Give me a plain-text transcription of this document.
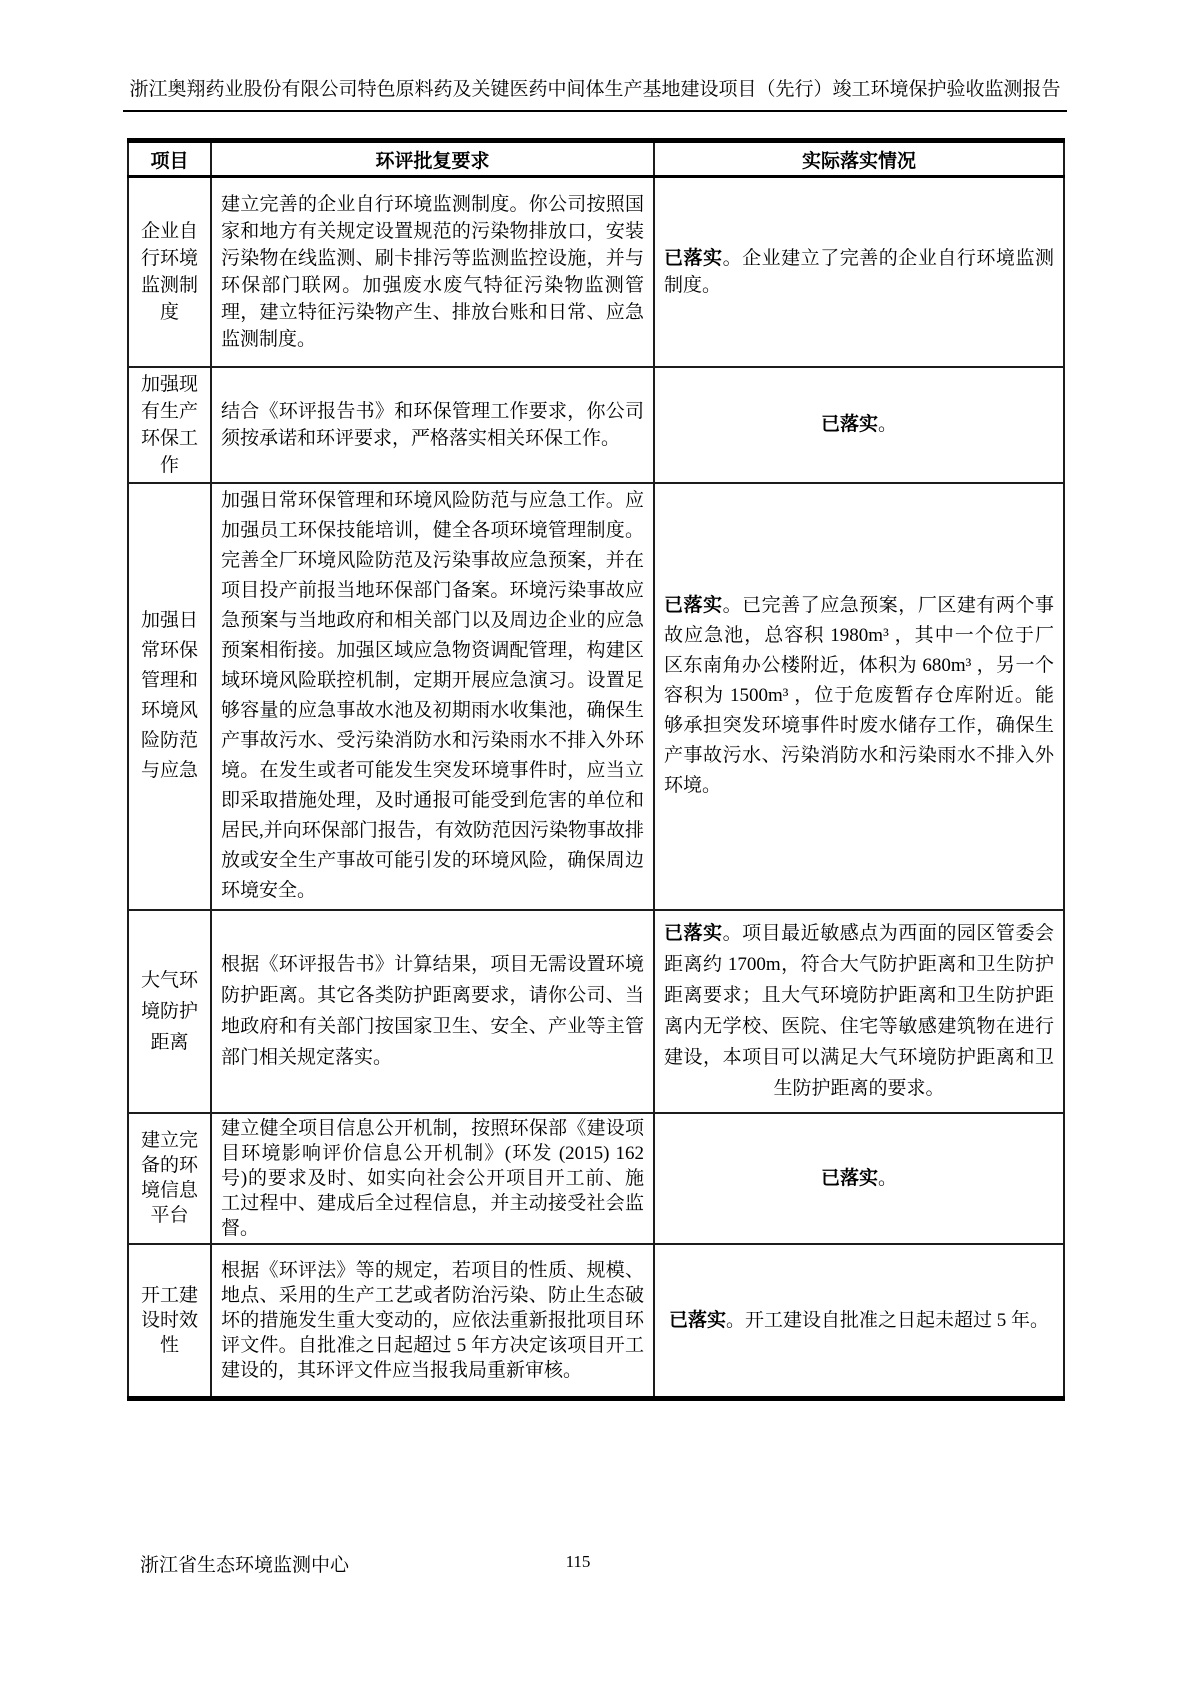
浙江奥翔药业股份有限公司特色原料药及关键医药中间体生产基地建设项目（先行）竣工环境保护验收监测报告
项目	环评批复要求	实际落实情况
企业自行环境监测制度	建立完善的企业自行环境监测制度。你公司按照国家和地方有关规定设置规范的污染物排放口，安装污染物在线监测、刷卡排污等监测监控设施，并与环保部门联网。加强废水废气特征污染物监测管理，建立特征污染物产生、排放台账和日常、应急监测制度。	已落实。企业建立了完善的企业自行环境监测制度。
加强现有生产环保工作	结合《环评报告书》和环保管理工作要求，你公司须按承诺和环评要求，严格落实相关环保工作。	已落实。
加强日常环保管理和环境风险防范与应急	加强日常环保管理和环境风险防范与应急工作。应加强员工环保技能培训，健全各项环境管理制度。完善全厂环境风险防范及污染事故应急预案，并在项目投产前报当地环保部门备案。环境污染事故应急预案与当地政府和相关部门以及周边企业的应急预案相衔接。加强区域应急物资调配管理，构建区域环境风险联控机制，定期开展应急演习。设置足够容量的应急事故水池及初期雨水收集池，确保生产事故污水、受污染消防水和污染雨水不排入外环境。在发生或者可能发生突发环境事件时，应当立即采取措施处理，及时通报可能受到危害的单位和居民,并向环保部门报告，有效防范因污染物事故排放或安全生产事故可能引发的环境风险，确保周边环境安全。	已落实。已完善了应急预案，厂区建有两个事故应急池，总容积 1980m³ ，其中一个位于厂区东南角办公楼附近，体积为 680m³ ，另一个容积为 1500m³ ，位于危废暂存仓库附近。能够承担突发环境事件时废水储存工作，确保生产事故污水、污染消防水和污染雨水不排入外环境。
大气环境防护距离	根据《环评报告书》计算结果，项目无需设置环境防护距离。其它各类防护距离要求，请你公司、当地政府和有关部门按国家卫生、安全、产业等主管部门相关规定落实。	已落实。项目最近敏感点为西面的园区管委会距离约 1700m，符合大气防护距离和卫生防护距离要求；且大气环境防护距离和卫生防护距离内无学校、医院、住宅等敏感建筑物在进行建设，本项目可以满足大气环境防护距离和卫生防护距离的要求。
建立完备的环境信息平台	建立健全项目信息公开机制，按照环保部《建设项目环境影响评价信息公开机制》(环发 (2015) 162 号)的要求及时、如实向社会公开项目开工前、施工过程中、建成后全过程信息，并主动接受社会监督。	已落实。
开工建设时效性	根据《环评法》等的规定，若项目的性质、规模、地点、采用的生产工艺或者防治污染、防止生态破坏的措施发生重大变动的，应依法重新报批项目环评文件。自批准之日起超过 5 年方决定该项目开工建设的，其环评文件应当报我局重新审核。	已落实。开工建设自批准之日起未超过 5 年。
浙江省生态环境监测中心	115
